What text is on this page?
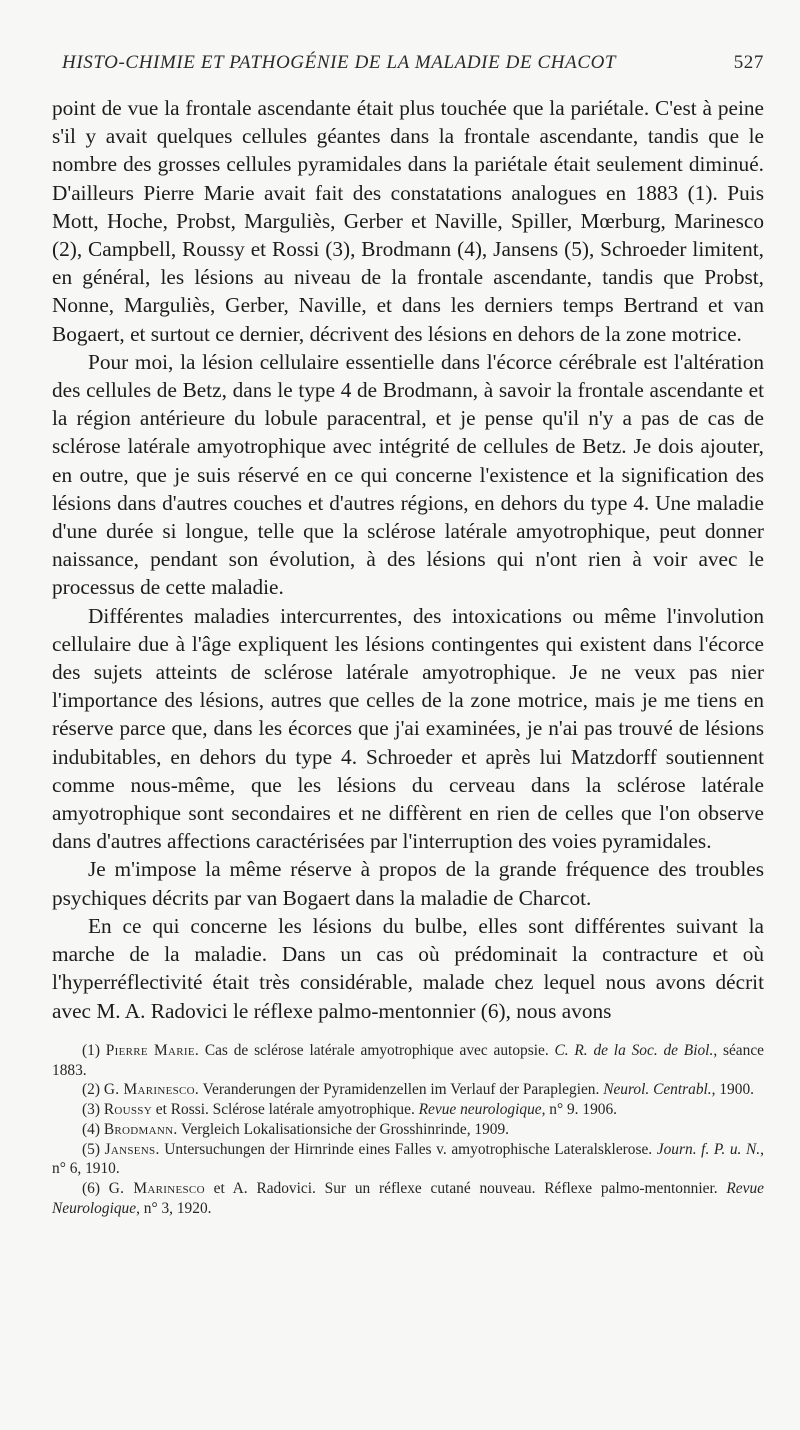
HISTO-CHIMIE ET PATHOGÉNIE DE LA MALADIE DE CHACOT	527

point de vue la frontale ascendante était plus touchée que la pariétale. C'est à peine s'il y avait quelques cellules géantes dans la frontale ascendante, tandis que le nombre des grosses cellules pyramidales dans la pariétale était seulement diminué. D'ailleurs Pierre Marie avait fait des constatations analogues en 1883 (1). Puis Mott, Hoche, Probst, Marguliès, Gerber et Naville, Spiller, Mœrburg, Marinesco (2), Campbell, Roussy et Rossi (3), Brodmann (4), Jansens (5), Schroeder limitent, en général, les lésions au niveau de la frontale ascendante, tandis que Probst, Nonne, Marguliès, Gerber, Naville, et dans les derniers temps Bertrand et van Bogaert, et surtout ce dernier, décrivent des lésions en dehors de la zone motrice.

Pour moi, la lésion cellulaire essentielle dans l'écorce cérébrale est l'altération des cellules de Betz, dans le type 4 de Brodmann, à savoir la frontale ascendante et la région antérieure du lobule paracentral, et je pense qu'il n'y a pas de cas de sclérose latérale amyotrophique avec intégrité de cellules de Betz. Je dois ajouter, en outre, que je suis réservé en ce qui concerne l'existence et la signification des lésions dans d'autres couches et d'autres régions, en dehors du type 4. Une maladie d'une durée si longue, telle que la sclérose latérale amyotrophique, peut donner naissance, pendant son évolution, à des lésions qui n'ont rien à voir avec le processus de cette maladie.

Différentes maladies intercurrentes, des intoxications ou même l'involution cellulaire due à l'âge expliquent les lésions contingentes qui existent dans l'écorce des sujets atteints de sclérose latérale amyotrophique. Je ne veux pas nier l'importance des lésions, autres que celles de la zone motrice, mais je me tiens en réserve parce que, dans les écorces que j'ai examinées, je n'ai pas trouvé de lésions indubitables, en dehors du type 4. Schroeder et après lui Matzdorff soutiennent comme nous-même, que les lésions du cerveau dans la sclérose latérale amyotrophique sont secondaires et ne diffèrent en rien de celles que l'on observe dans d'autres affections caractérisées par l'interruption des voies pyramidales.

Je m'impose la même réserve à propos de la grande fréquence des troubles psychiques décrits par van Bogaert dans la maladie de Charcot.

En ce qui concerne les lésions du bulbe, elles sont différentes suivant la marche de la maladie. Dans un cas où prédominait la contracture et où l'hyperréflectivité était très considérable, malade chez lequel nous avons décrit avec M. A. Radovici le réflexe palmo-mentonnier (6), nous avons

(1) Pierre Marie. Cas de sclérose latérale amyotrophique avec autopsie. C. R. de la Soc. de Biol., séance 1883.

(2) G. Marinesco. Veranderungen der Pyramidenzellen im Verlauf der Paraplegien. Neurol. Centrabl., 1900.

(3) Roussy et Rossi. Sclérose latérale amyotrophique. Revue neurologique, n° 9. 1906.

(4) Brodmann. Vergleich Lokalisationsiche der Grosshinrinde, 1909.

(5) Jansens. Untersuchungen der Hirnrinde eines Falles v. amyotrophische Lateralsklerose. Journ. f. P. u. N., n° 6, 1910.

(6) G. Marinesco et A. Radovici. Sur un réflexe cutané nouveau. Réflexe palmo-mentonnier. Revue Neurologique, n° 3, 1920.
